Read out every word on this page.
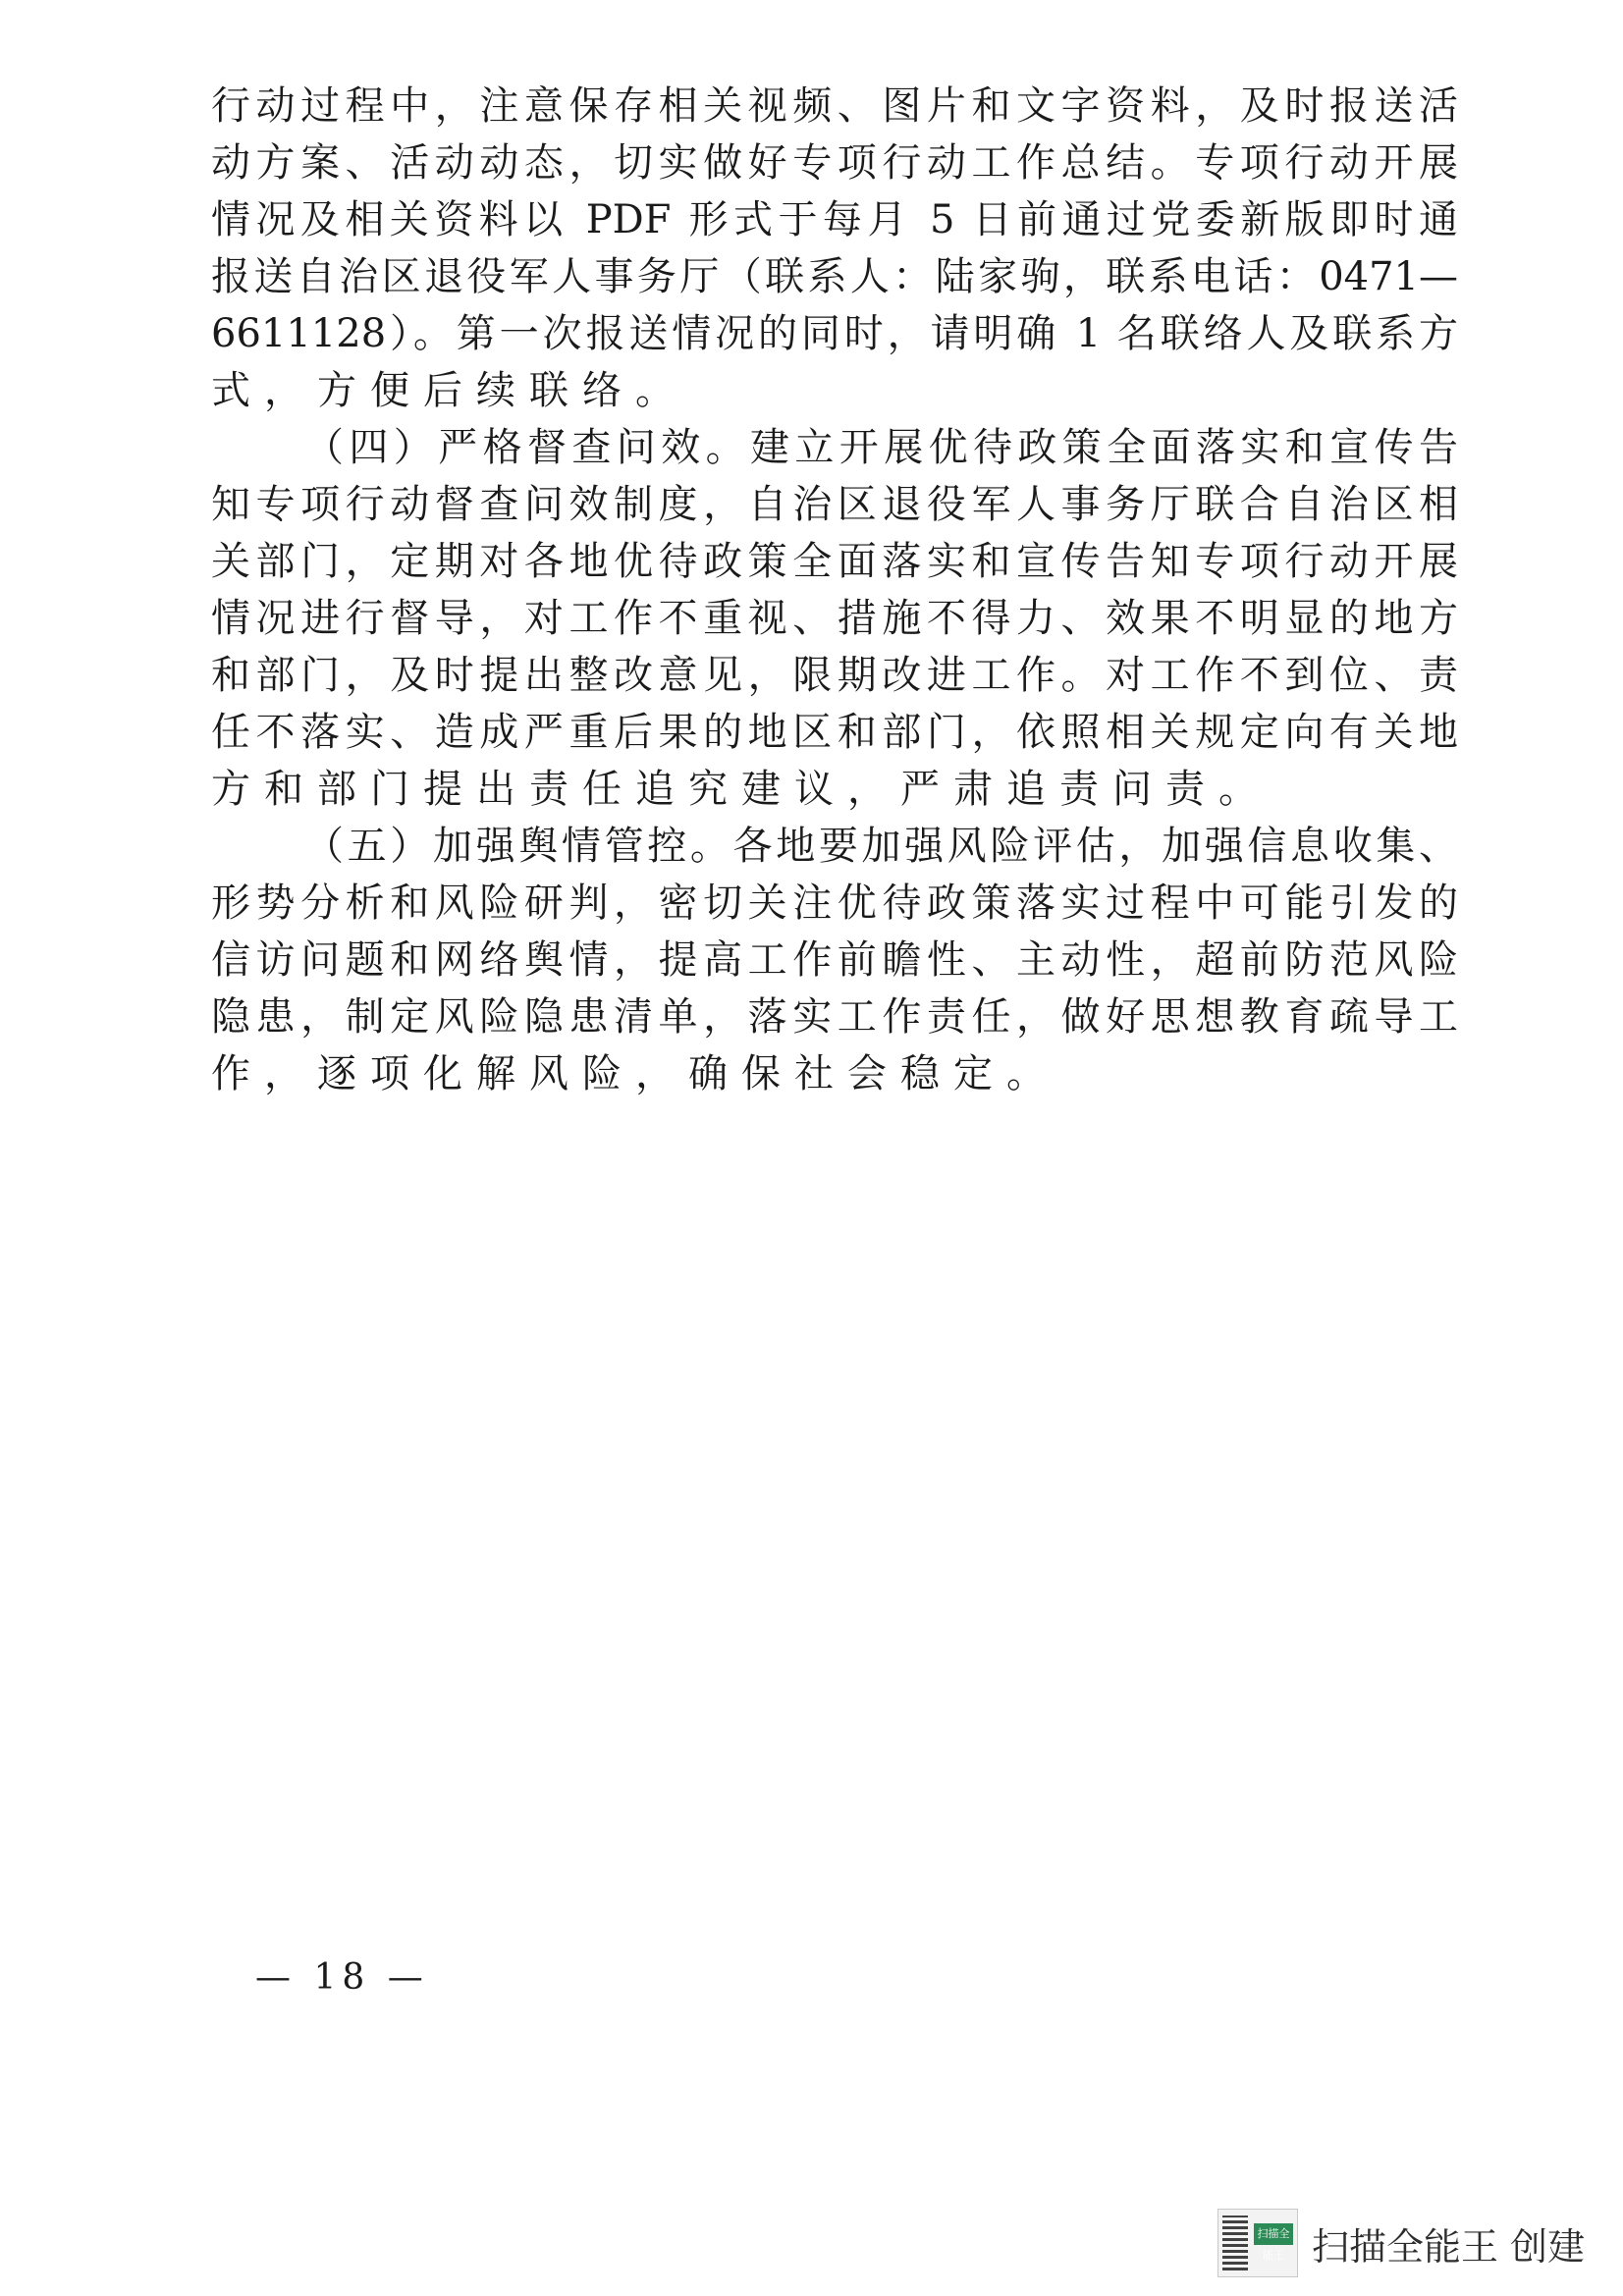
行动过程中，注意保存相关视频、图片和文字资料，及时报送活
动方案、活动动态，切实做好专项行动工作总结。专项行动开展
情况及相关资料以 PDF 形式于每月 5 日前通过党委新版即时通
报送自治区退役军人事务厅（联系人：陆家驹，联系电话：0471—
6611128）。第一次报送情况的同时，请明确 1 名联络人及联系方
式，方便后续联络。
（四）严格督查问效。建立开展优待政策全面落实和宣传告
知专项行动督查问效制度，自治区退役军人事务厅联合自治区相
关部门，定期对各地优待政策全面落实和宣传告知专项行动开展
情况进行督导，对工作不重视、措施不得力、效果不明显的地方
和部门，及时提出整改意见，限期改进工作。对工作不到位、责
任不落实、造成严重后果的地区和部门，依照相关规定向有关地
方和部门提出责任追究建议，严肃追责问责。
（五）加强舆情管控。各地要加强风险评估，加强信息收集、
形势分析和风险研判，密切关注优待政策落实过程中可能引发的
信访问题和网络舆情，提高工作前瞻性、主动性，超前防范风险
隐患，制定风险隐患清单，落实工作责任，做好思想教育疏导工
作，逐项化解风险，确保社会稳定。
— 18 —
扫描全能王 扫描全能王 创建
